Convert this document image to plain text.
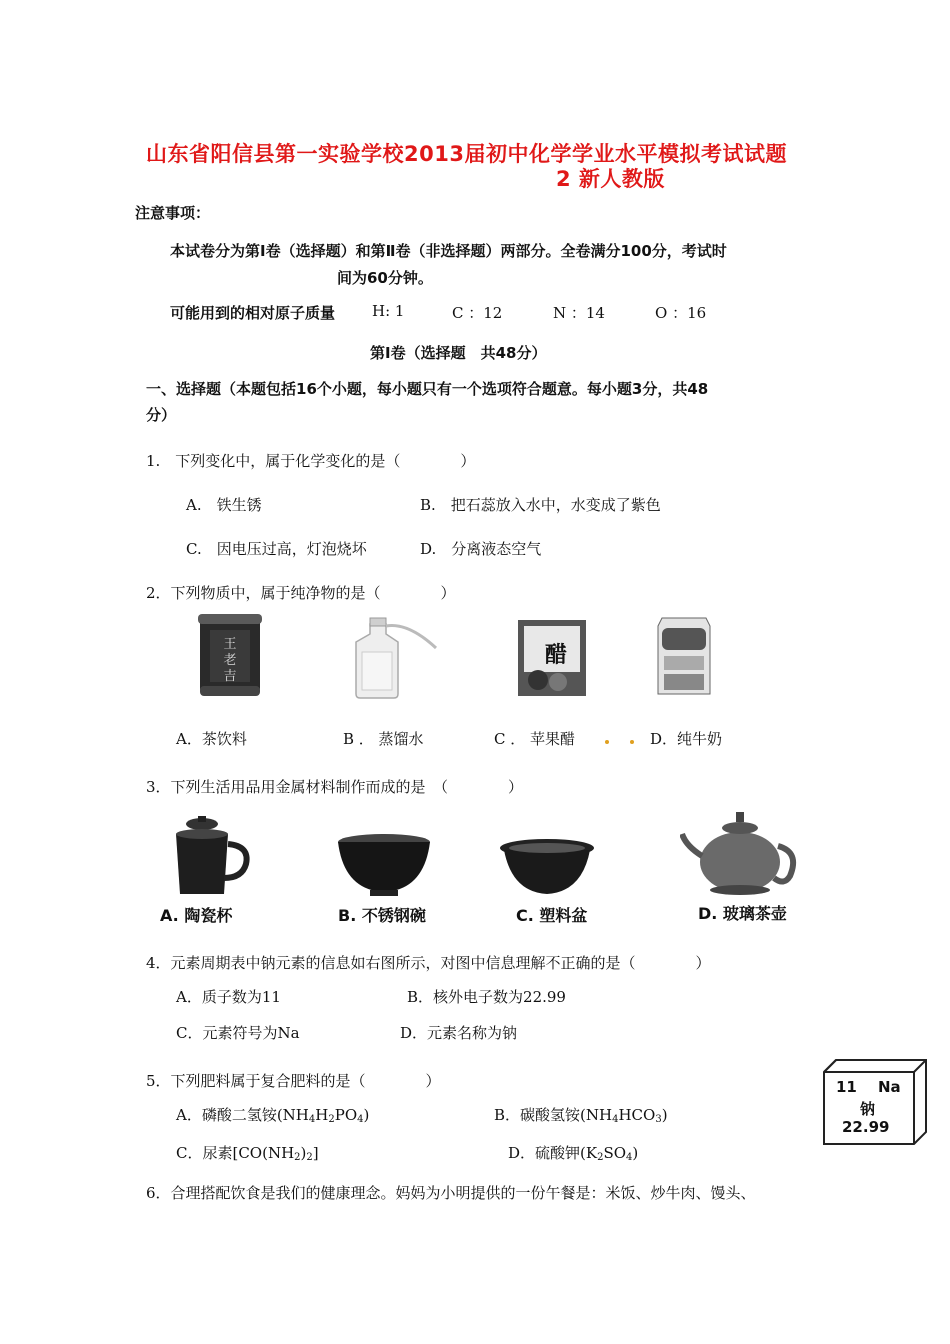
山东省阳信县第一实验学校2013届初中化学学业水平模拟考试试题
2 新人教版
注意事项：
本试卷分为第Ⅰ卷（选择题）和第Ⅱ卷（非选择题）两部分。全卷满分100分，考试时
间为60分钟。
可能用到的相对原子质量 H: 1	C ：12	N ：14	O ：16
第Ⅰ卷（选择题　共48分）
一、选择题（本题包括16个小题，每小题只有一个选项符合题意。每小题3分，共48
分）
1.　下列变化中，属于化学变化的是（　　　　）
A.　铁生锈	B.　把石蕊放入水中，水变成了紫色
C.　因电压过高，灯泡烧坏	D.　分离液态空气
2．下列物质中，属于纯净物的是（　　　　）
王
老
吉
醋
A．茶饮料	B ． 蒸馏水	C ． 苹果醋	D．纯牛奶
3．下列生活用品用金属材料制作而成的是　（　　　　）
A. 陶瓷杯	B. 不锈钢碗	C. 塑料盆	D. 玻璃茶壶
4．元素周期表中钠元素的信息如右图所示，对图中信息理解不正确的是（　　　　）
A．质子数为11	B．核外电子数为22.99
C．元素符号为Na	D．元素名称为钠
11 Na
钠
22.99
5．下列肥料属于复合肥料的是（　　　　）
A．磷酸二氢铵$(NH_4H_2PO_4)$	B．碳酸氢铵$(NH_4HCO_3)$
C．尿素$[CO(NH_2)_2]$	D．硫酸钾$(K_2SO_4)$
6．合理搭配饮食是我们的健康理念。妈妈为小明提供的一份午餐是：米饭、炒牛肉、馒头、
